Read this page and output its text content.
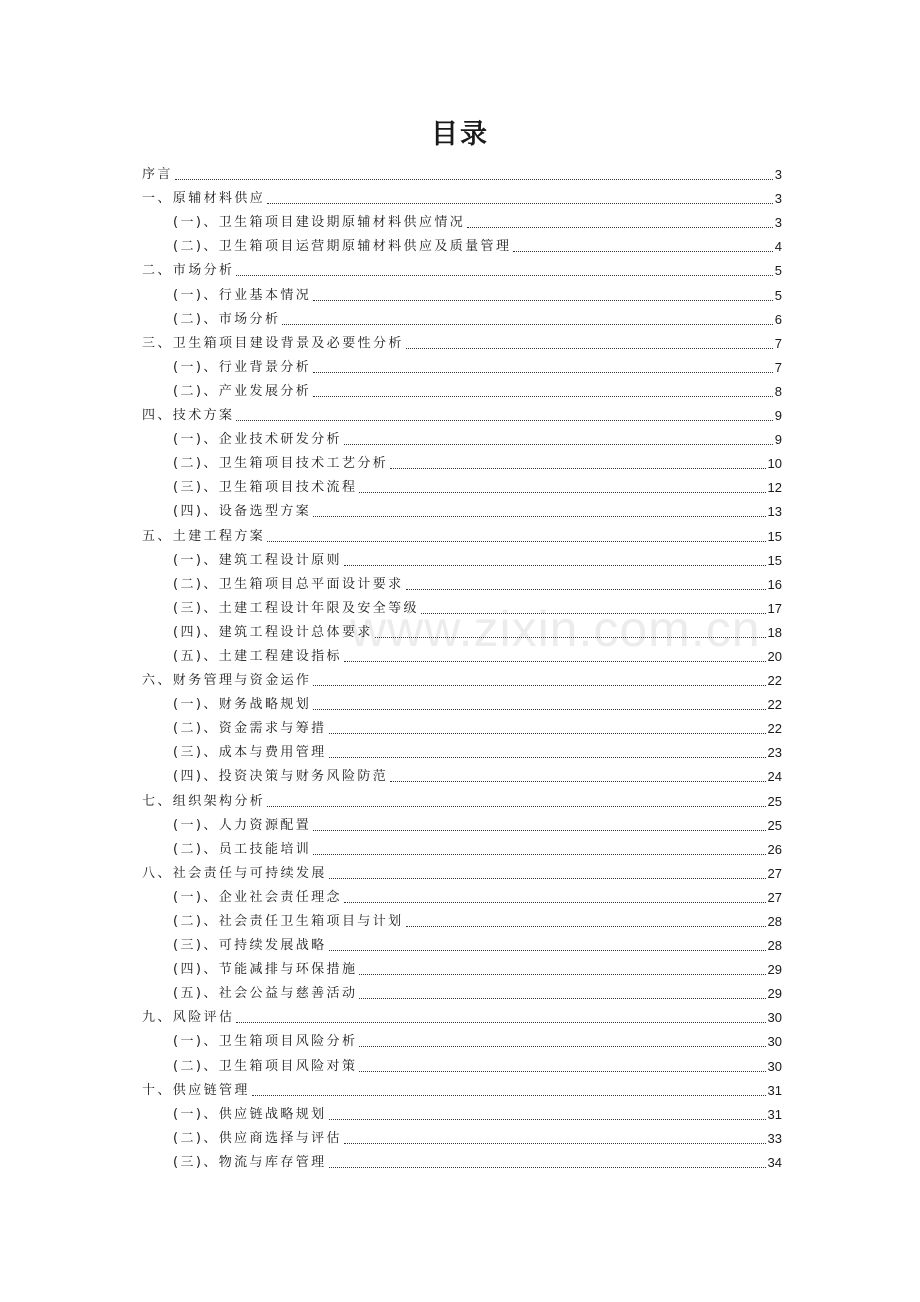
目录
www.zixin.com.cn
序言	3
一、原辅材料供应	3
(一)、卫生箱项目建设期原辅材料供应情况	3
(二)、卫生箱项目运营期原辅材料供应及质量管理	4
二、市场分析	5
(一)、行业基本情况	5
(二)、市场分析	6
三、卫生箱项目建设背景及必要性分析	7
(一)、行业背景分析	7
(二)、产业发展分析	8
四、技术方案	9
(一)、企业技术研发分析	9
(二)、卫生箱项目技术工艺分析	10
(三)、卫生箱项目技术流程	12
(四)、设备选型方案	13
五、土建工程方案	15
(一)、建筑工程设计原则	15
(二)、卫生箱项目总平面设计要求	16
(三)、土建工程设计年限及安全等级	17
(四)、建筑工程设计总体要求	18
(五)、土建工程建设指标	20
六、财务管理与资金运作	22
(一)、财务战略规划	22
(二)、资金需求与筹措	22
(三)、成本与费用管理	23
(四)、投资决策与财务风险防范	24
七、组织架构分析	25
(一)、人力资源配置	25
(二)、员工技能培训	26
八、社会责任与可持续发展	27
(一)、企业社会责任理念	27
(二)、社会责任卫生箱项目与计划	28
(三)、可持续发展战略	28
(四)、节能减排与环保措施	29
(五)、社会公益与慈善活动	29
九、风险评估	30
(一)、卫生箱项目风险分析	30
(二)、卫生箱项目风险对策	30
十、供应链管理	31
(一)、供应链战略规划	31
(二)、供应商选择与评估	33
(三)、物流与库存管理	34
